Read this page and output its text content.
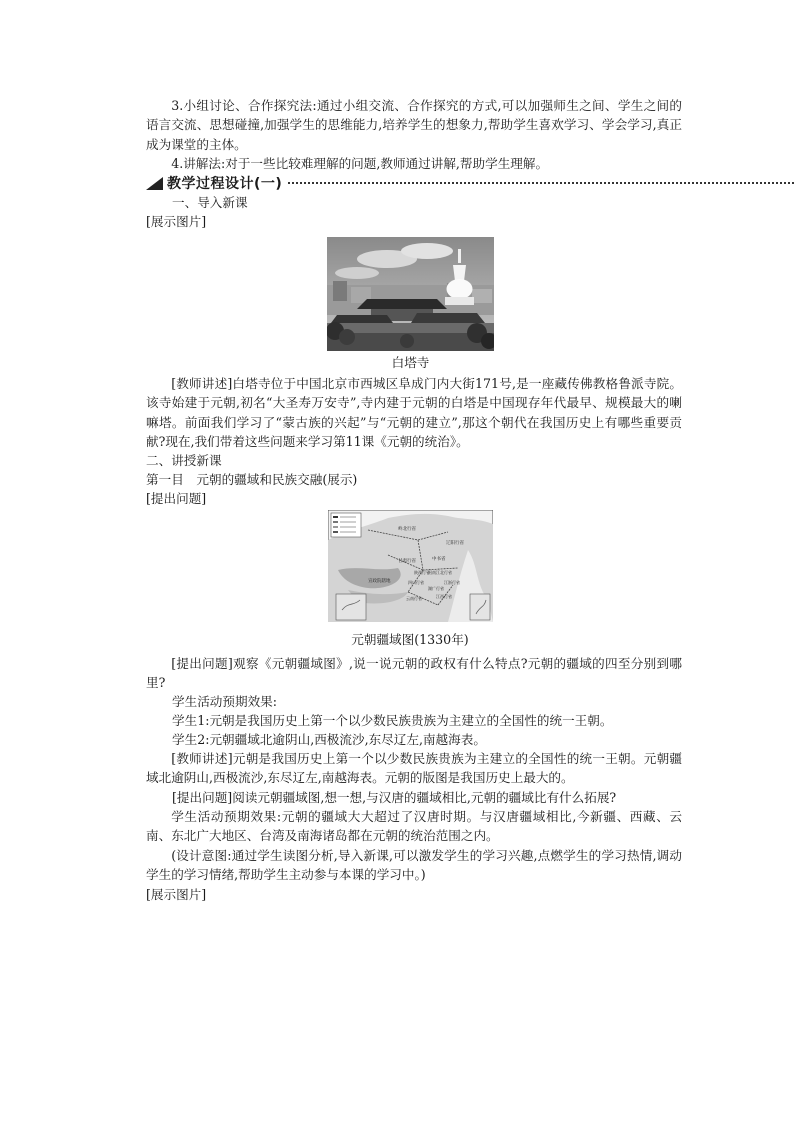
3.小组讨论、合作探究法:通过小组交流、合作探究的方式,可以加强师生之间、学生之间的语言交流、思想碰撞,加强学生的思维能力,培养学生的想象力,帮助学生喜欢学习、学会学习,真正成为课堂的主体。

4.讲解法:对于一些比较难理解的问题,教师通过讲解,帮助学生理解。

教学过程设计(一)

一、导入新课

[展示图片]

白塔寺

[教师讲述]白塔寺位于中国北京市西城区阜成门内大街171号,是一座藏传佛教格鲁派寺院。该寺始建于元朝,初名“大圣寿万安寺”,寺内建于元朝的白塔是中国现存年代最早、规模最大的喇嘛塔。前面我们学习了“蒙古族的兴起”与“元朝的建立”,那这个朝代在我国历史上有哪些重要贡献?现在,我们带着这些问题来学习第11课《元朝的统治》。

二、讲授新课

第一目　元朝的疆域和民族交融(展示)

[提出问题]

岭北行省
辽阳行省
中书省
甘肃行省
陕西行省
河南江北行省
四川行省
湖广行省
江浙行省
江西行省
云南行省
宣政院辖地
元朝疆域图(1330年)

[提出问题]观察《元朝疆域图》,说一说元朝的政权有什么特点?元朝的疆域的四至分别到哪里?

学生活动预期效果:

学生1:元朝是我国历史上第一个以少数民族贵族为主建立的全国性的统一王朝。

学生2:元朝疆域北逾阴山,西极流沙,东尽辽左,南越海表。

[教师讲述]元朝是我国历史上第一个以少数民族贵族为主建立的全国性的统一王朝。元朝疆域北逾阴山,西极流沙,东尽辽左,南越海表。元朝的版图是我国历史上最大的。

[提出问题]阅读元朝疆域图,想一想,与汉唐的疆域相比,元朝的疆域比有什么拓展?

学生活动预期效果:元朝的疆域大大超过了汉唐时期。与汉唐疆域相比,今新疆、西藏、云南、东北广大地区、台湾及南海诸岛都在元朝的统治范围之内。

(设计意图:通过学生读图分析,导入新课,可以激发学生的学习兴趣,点燃学生的学习热情,调动学生的学习情绪,帮助学生主动参与本课的学习中。)

[展示图片]
